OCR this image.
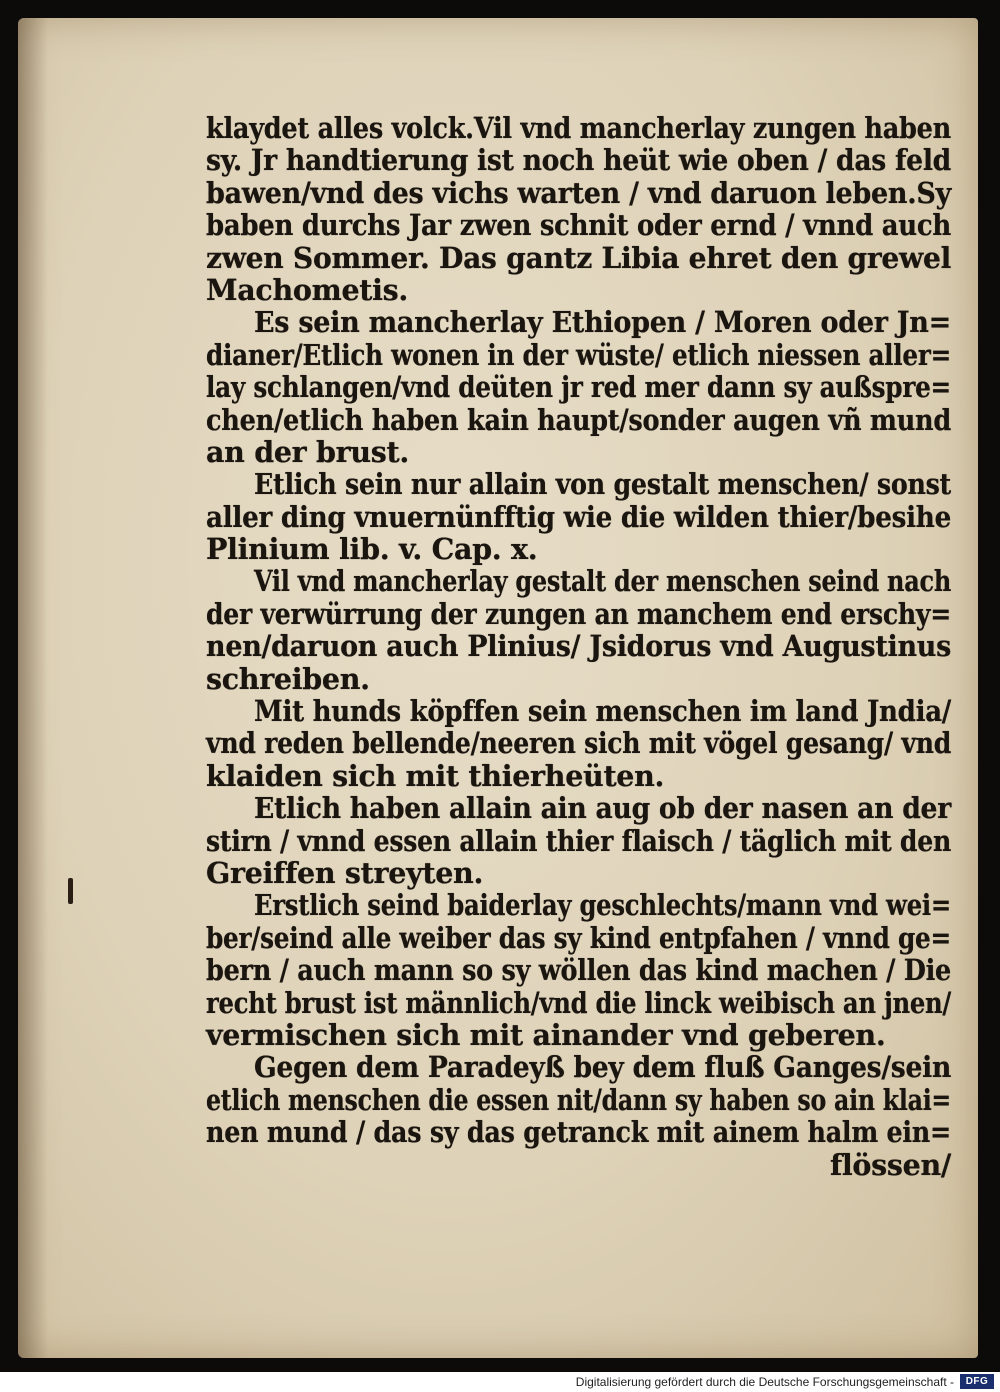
klaydet alles volck.Vil vnd mancherlay zungen haben
sy. Jr handtierung ist noch heüt wie oben / das feld
bawen/vnd des vichs warten / vnd daruon leben.Sy
baben durchs Jar zwen schnit oder ernd / vnnd auch
zwen Sommer. Das gantz Libia ehret den grewel
Machometis.
Es sein mancherlay Ethiopen / Moren oder Jn=
dianer/Etlich wonen in der wüste/ etlich niessen aller=
lay schlangen/vnd deüten jr red mer dann sy außspre=
chen/etlich haben kain haupt/sonder augen vñ mund
an der brust.
Etlich sein nur allain von gestalt menschen/ sonst
aller ding vnuernünfftig wie die wilden thier/besihe
Plinium lib. v. Cap. x.
Vil vnd mancherlay gestalt der menschen seind nach
der verwürrung der zungen an manchem end erschy=
nen/daruon auch Plinius/ Jsidorus vnd Augustinus
schreiben.
Mit hunds köpffen sein menschen im land Jndia/
vnd reden bellende/neeren sich mit vögel gesang/ vnd
klaiden sich mit thierheüten.
Etlich haben allain ain aug ob der nasen an der
stirn / vnnd essen allain thier flaisch / täglich mit den
Greiffen streyten.
Erstlich seind baiderlay geschlechts/mann vnd wei=
ber/seind alle weiber das sy kind entpfahen / vnnd ge=
bern / auch mann so sy wöllen das kind machen / Die
recht brust ist männlich/vnd die linck weibisch an jnen/
vermischen sich mit ainander vnd geberen.
Gegen dem Paradeyß bey dem fluß Ganges/sein
etlich menschen die essen nit/dann sy haben so ain klai=
nen mund / das sy das getranck mit ainem halm ein=
flössen/
Digitalisierung gefördert durch die Deutsche Forschungsgemeinschaft -	DFG
